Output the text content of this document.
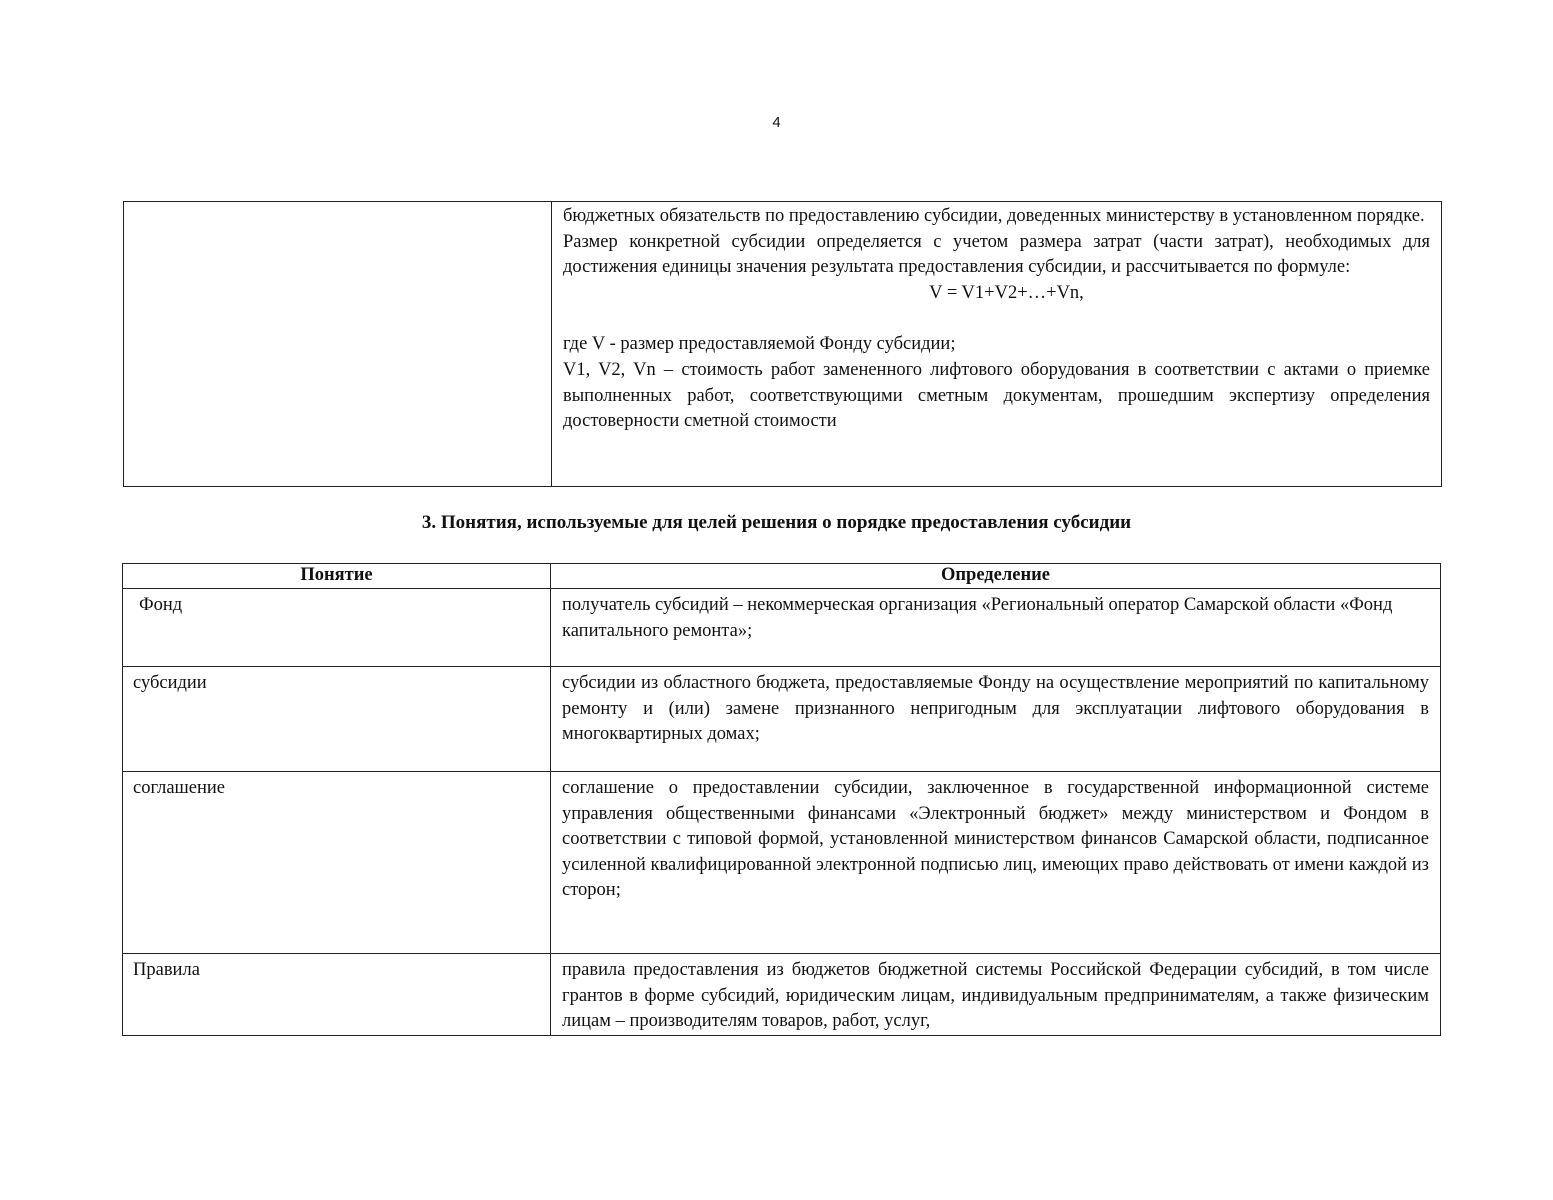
4

бюджетных обязательств по предоставлению субсидии, доведенных министерству в установленном порядке.
Размер конкретной субсидии определяется с учетом размера затрат (части затрат), необходимых для достижения единицы значения результата предоставления субсидии, и рассчитывается по формуле:
V = V1+V2+…+Vn,
где V - размер предоставляемой Фонду субсидии;
V1, V2, Vn – стоимость работ замененного лифтового оборудования в соответствии с актами о приемке выполненных работ, соответствующими сметным документам, прошедшим экспертизу определения достоверности сметной стоимости
3. Понятия, используемые для целей решения о порядке предоставления субсидии
Понятие	Определение
Фонд	получатель субсидий – некоммерческая организация «Региональный оператор Самарской области «Фонд капитального ремонта»;

субсидии	субсидии из областного бюджета, предоставляемые Фонду на осуществление мероприятий по капитальному ремонту и (или) замене признанного непригодным для эксплуатации лифтового оборудования в многоквартирных домах;

соглашение	соглашение о предоставлении субсидии, заключенное в государственной информационной системе управления общественными финансами «Электронный бюджет» между министерством и Фондом в соответствии с типовой формой, установленной министерством финансов Самарской области, подписанное усиленной квалифицированной электронной подписью лиц, имеющих право действовать от имени каждой из сторон;

Правила	правила предоставления из бюджетов бюджетной системы Российской Федерации субсидий, в том числе грантов в форме субсидий, юридическим лицам, индивидуальным предпринимателям, а также физическим лицам – производителям товаров, работ, услуг,
